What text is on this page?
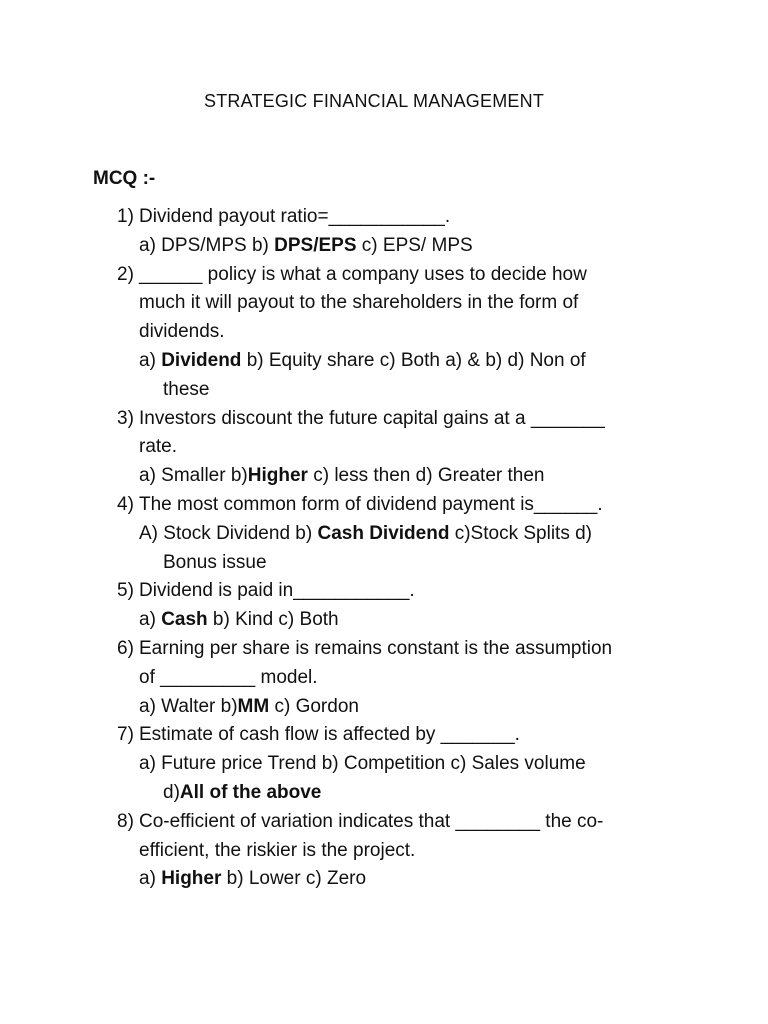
STRATEGIC FINANCIAL MANAGEMENT
MCQ :-
1) Dividend payout ratio=___________.
a) DPS/MPS b) DPS/EPS c) EPS/ MPS
2) ______ policy is what a company uses to decide how
much it will payout to the shareholders in the form of
dividends.
a) Dividend b) Equity share c) Both a) & b) d) Non of
these
3) Investors discount the future capital gains at a _______
rate.
a) Smaller b)Higher c) less then d) Greater then
4) The most common form of dividend payment is______.
A) Stock Dividend b) Cash Dividend c)Stock Splits d)
Bonus issue
5) Dividend is paid in___________.
a) Cash b) Kind c) Both
6) Earning per share is remains constant is the assumption
of _________ model.
a) Walter b)MM c) Gordon
7) Estimate of cash flow is affected by _______.
a) Future price Trend b) Competition c) Sales volume
d)All of the above
8) Co-efficient of variation indicates that ________ the co-
efficient, the riskier is the project.
a) Higher b) Lower c) Zero
